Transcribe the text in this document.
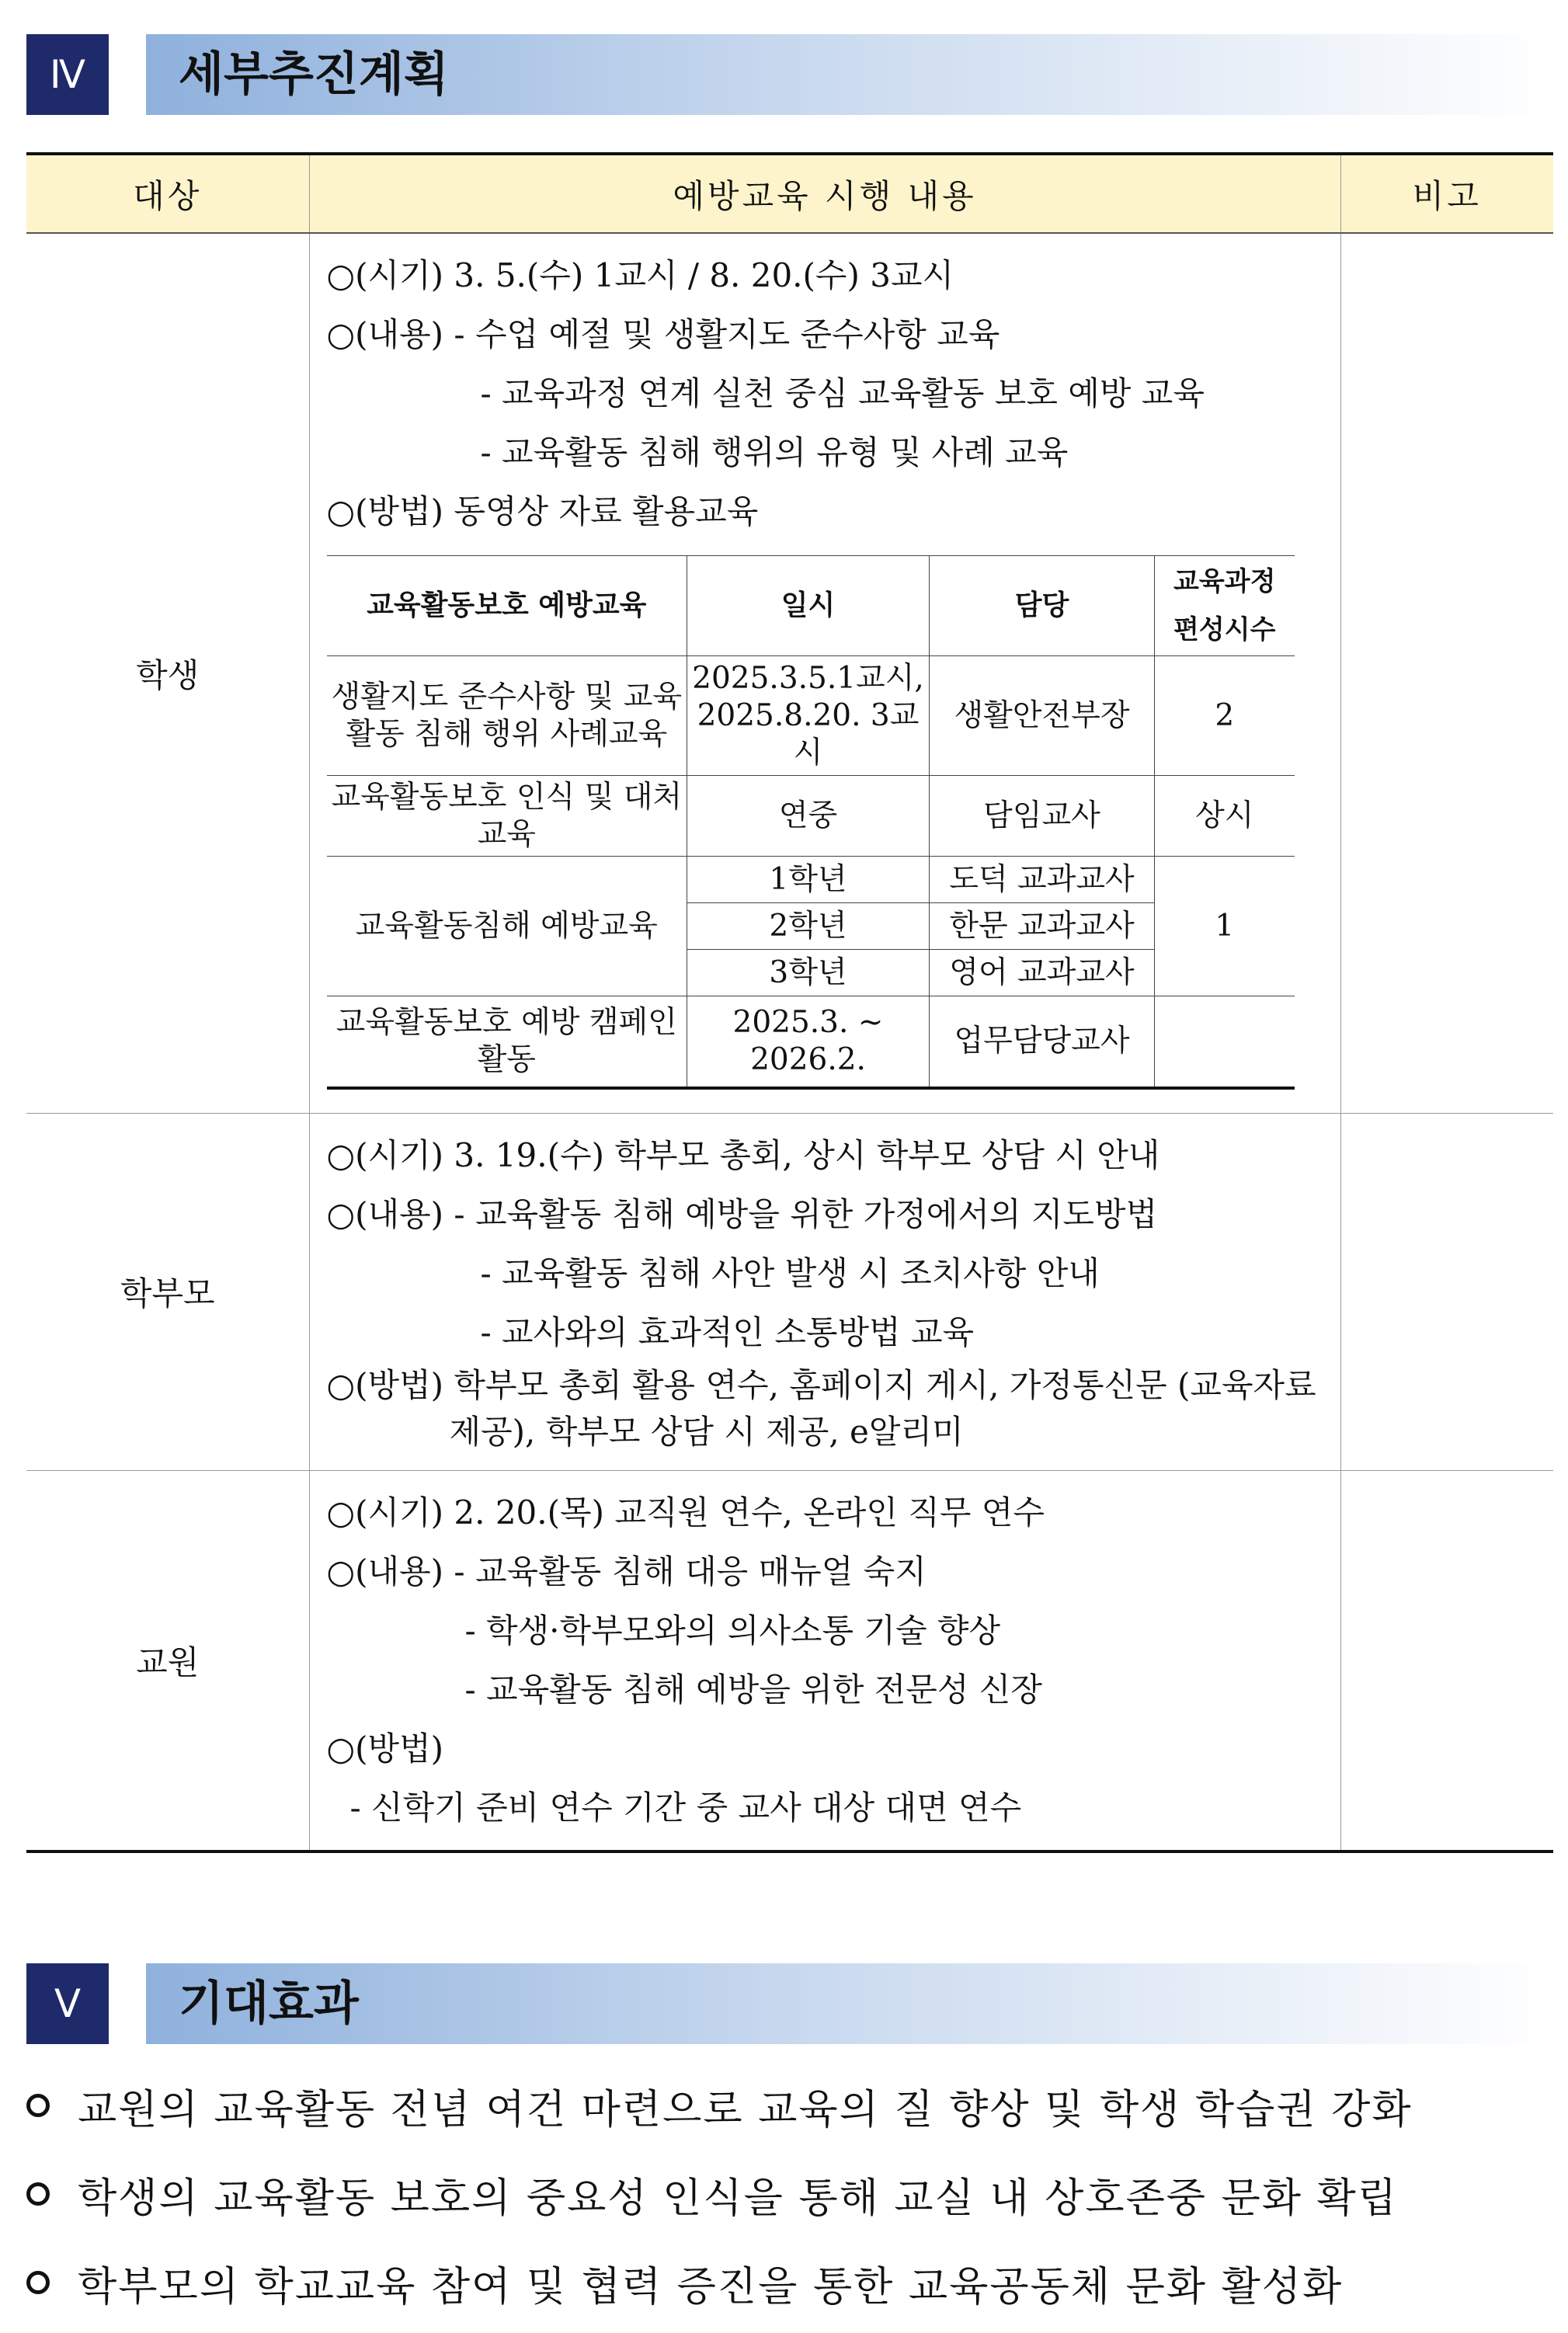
Ⅳ	세부추진계획
대상	예방교육 시행 내용	비고
학생	
○(시기) 3. 5.(수) 1교시 / 8. 20.(수) 3교시
○(내용) - 수업 예절 및 생활지도 준수사항 교육
- 교육과정 연계 실천 중심 교육활동 보호 예방 교육
- 교육활동 침해 행위의 유형 및 사례 교육
○(방법) 동영상 자료 활용교육
교육활동보호 예방교육	일시	담당	교육과정 편성시수
생활지도 준수사항 및 교육활동 침해 행위 사례교육	2025.3.5.1교시, 2025.8.20. 3교시	생활안전부장	2
교육활동보호 인식 및 대처 교육	연중	담임교사	상시
교육활동침해 예방교육	1학년	도덕 교과교사	1
2학년	한문 교과교사
3학년	영어 교과교사
교육활동보호 예방 캠페인 활동	2025.3. ~ 2026.2.	업무담당교사	

학부모	
○(시기) 3. 19.(수) 학부모 총회, 상시 학부모 상담 시 안내
○(내용) - 교육활동 침해 예방을 위한 가정에서의 지도방법
- 교육활동 침해 사안 발생 시 조치사항 안내
- 교사와의 효과적인 소통방법 교육
○(방법) 학부모 총회 활용 연수, 홈페이지 게시, 가정통신문 (교육자료
제공), 학부모 상담 시 제공, e알리미

교원	
○(시기) 2. 20.(목) 교직원 연수, 온라인 직무 연수
○(내용) - 교육활동 침해 대응 매뉴얼 숙지
- 학생·학부모와의 의사소통 기술 향상
- 교육활동 침해 예방을 위한 전문성 신장
○(방법)
- 신학기 준비 연수 기간 중 교사 대상 대면 연수

Ⅴ	기대효과
교원의 교육활동 전념 여건 마련으로 교육의 질 향상 및 학생 학습권 강화
학생의 교육활동 보호의 중요성 인식을 통해 교실 내 상호존중 문화 확립
학부모의 학교교육 참여 및 협력 증진을 통한 교육공동체 문화 활성화
